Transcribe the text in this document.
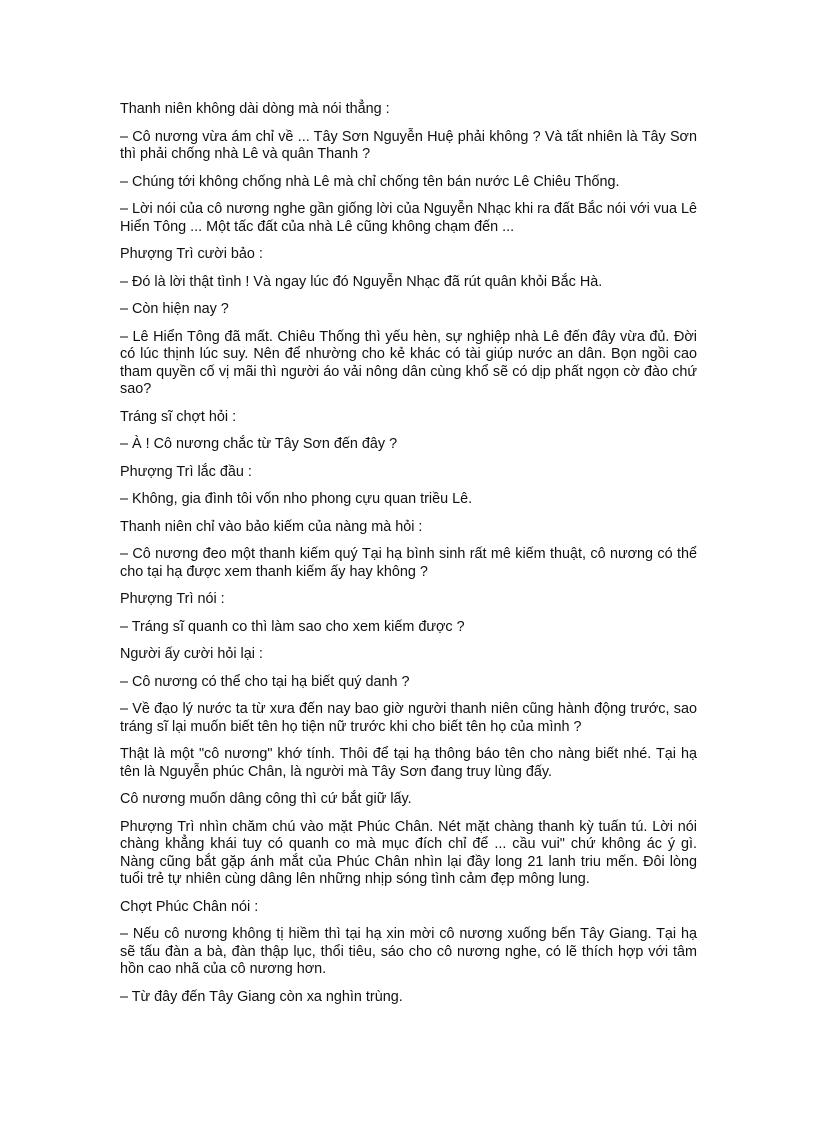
Thanh niên không dài dòng mà nói thẳng :

– Cô nương vừa ám chỉ về ... Tây Sơn Nguyễn Huệ phải không ? Và tất nhiên là Tây Sơn thì phải chống nhà Lê và quân Thanh ?

– Chúng tới không chống nhà Lê mà chỉ chống tên bán nước Lê Chiêu Thống.

– Lời nói của cô nương nghe gần giống lời của Nguyễn Nhạc khi ra đất Bắc nói với vua Lê Hiển Tông ... Một tấc đất của nhà Lê cũng không chạm đến ...

Phượng Trì cười bảo :

– Đó là lời thật tình ! Và ngay lúc đó Nguyễn Nhạc đã rút quân khỏi Bắc Hà.

– Còn hiện nay ?

– Lê Hiển Tông đã mất. Chiêu Thống thì yếu hèn, sự nghiệp nhà Lê đến đây vừa đủ. Đời có lúc thịnh lúc suy. Nên để nhường cho kẻ khác có tài giúp nước an dân. Bọn ngồi cao tham quyền cố vị mãi thì người áo vải nông dân cùng khổ sẽ có dịp phất ngọn cờ đào chứ sao?

Tráng sĩ chợt hỏi :

– À ! Cô nương chắc từ Tây Sơn đến đây ?

Phượng Trì lắc đầu :

– Không, gia đình tôi vốn nho phong cựu quan triều Lê.

Thanh niên chỉ vào bảo kiếm của nàng mà hỏi :

– Cô nương đeo một thanh kiếm quý Tại hạ bình sinh rất mê kiếm thuật, cô nương có thể cho tại hạ được xem thanh kiếm ấy hay không ?

Phượng Trì nói :

– Tráng sĩ quanh co thì làm sao cho xem kiếm được ?

Người ấy cười hỏi lại :

– Cô nương có thể cho tại hạ biết quý danh ?

– Về đạo lý nước ta từ xưa đến nay bao giờ người thanh niên cũng hành động trước, sao tráng sĩ lại muốn biết tên họ tiện nữ trước khi cho biết tên họ của mình ?

Thật là một "cô nương" khớ tính. Thôi để tại hạ thông báo tên cho nàng biết nhé. Tại hạ tên là Nguyễn phúc Chân, là người mà Tây Sơn đang truy lùng đấy.

Cô nương muốn dâng công thì cứ bắt giữ lấy.

Phượng Trì nhìn chăm chú vào mặt Phúc Chân. Nét mặt chàng thanh kỳ tuấn tú. Lời nói chàng khẳng khái tuy có quanh co mà mục đích chỉ để ... cầu vui" chứ không ác ý gì. Nàng cũng bắt gặp ánh mắt của Phúc Chân nhìn lại đầy long 21 lanh triu mến. Đôi lòng tuổi trẻ tự nhiên cùng dâng lên những nhịp sóng tình cảm đẹp mông lung.

Chợt Phúc Chân nói :

– Nếu cô nương không tị hiềm thì tại hạ xin mời cô nương xuống bến Tây Giang. Tại hạ sẽ tấu đàn a bà, đàn thập lục, thổi tiêu, sáo cho cô nương nghe, có lẽ thích hợp với tâm hồn cao nhã của cô nương hơn.

– Từ đây đến Tây Giang còn xa nghìn trùng.
